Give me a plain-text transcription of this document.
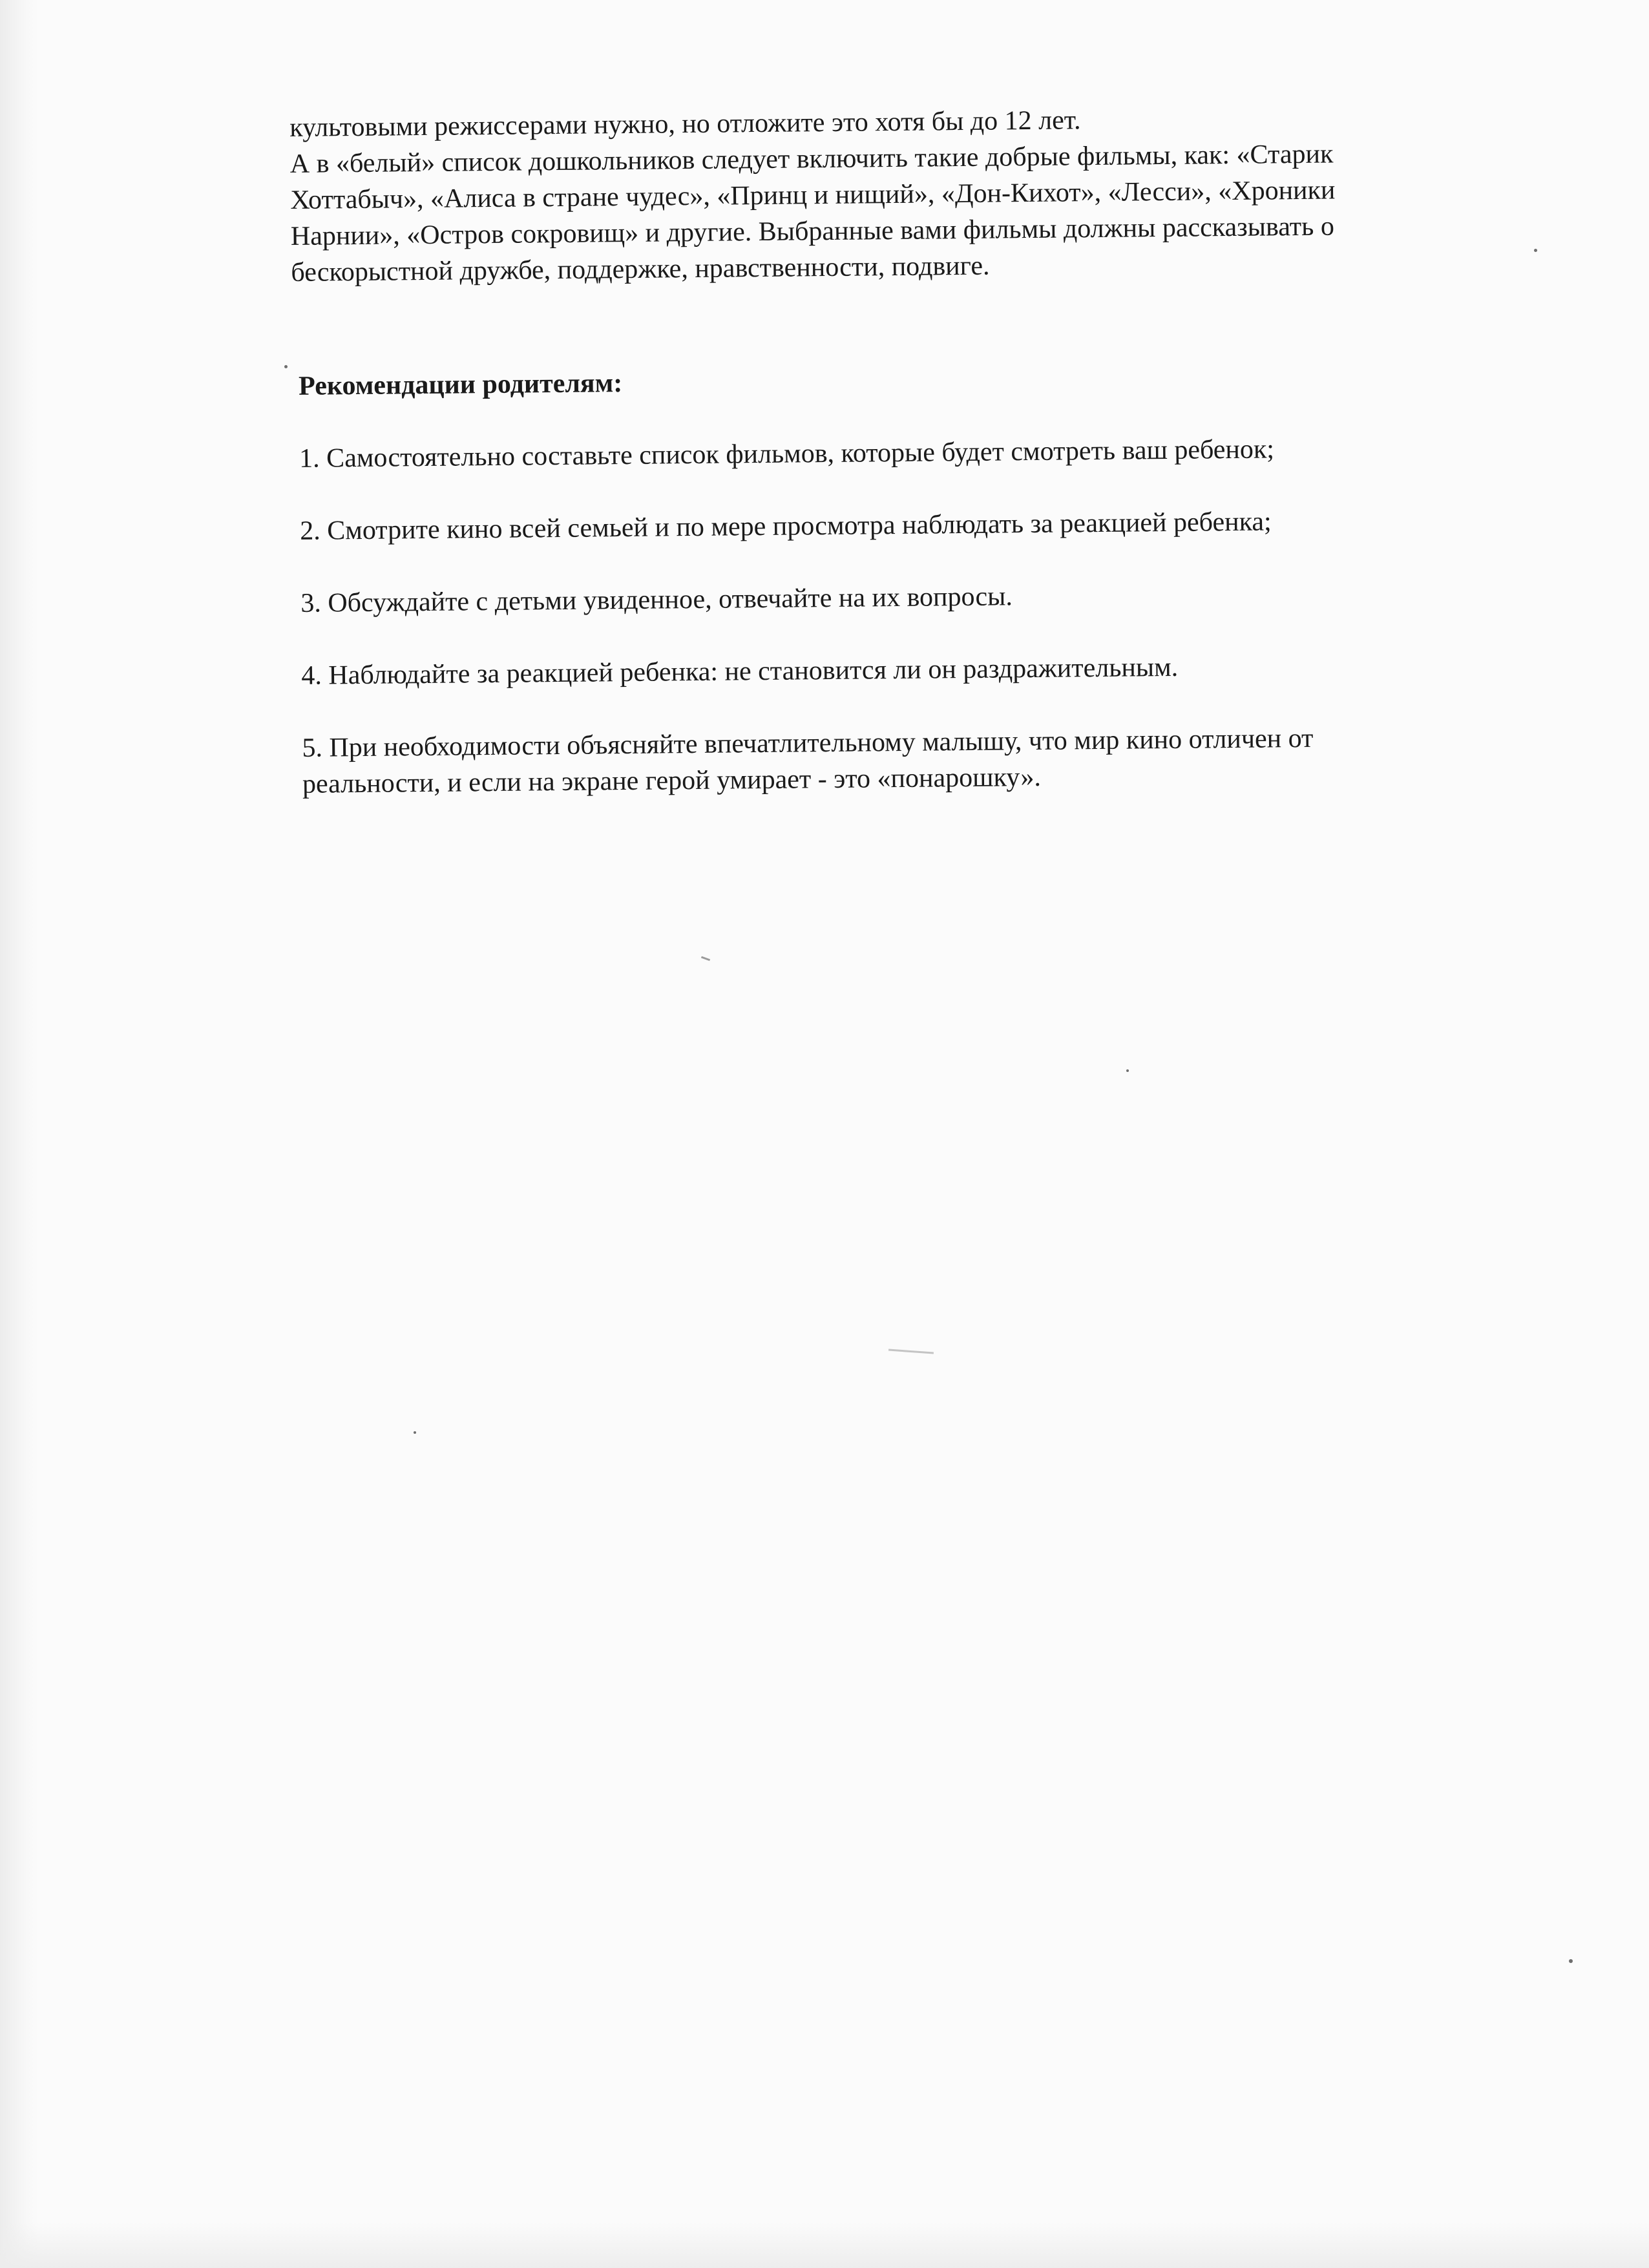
культовыми режиссерами нужно, но отложите это хотя бы до 12 лет.
А в «белый» список дошкольников следует включить такие добрые фильмы, как: «Старик
Хоттабыч», «Алиса в стране чудес», «Принц и нищий», «Дон-Кихот», «Лесси», «Хроники
Нарнии», «Остров сокровищ» и другие. Выбранные вами фильмы должны рассказывать о
бескорыстной дружбе, поддержке, нравственности, подвиге.

Рекомендации родителям:

1. Самостоятельно составьте список фильмов, которые будет смотреть ваш ребенок;

2. Смотрите кино всей семьей и по мере просмотра наблюдать за реакцией ребенка;

3. Обсуждайте с детьми увиденное, отвечайте на их вопросы.

4. Наблюдайте за реакцией ребенка: не становится ли он раздражительным.

5. При необходимости объясняйте впечатлительному малышу, что мир кино отличен от
реальности, и если на экране герой умирает - это «понарошку».
